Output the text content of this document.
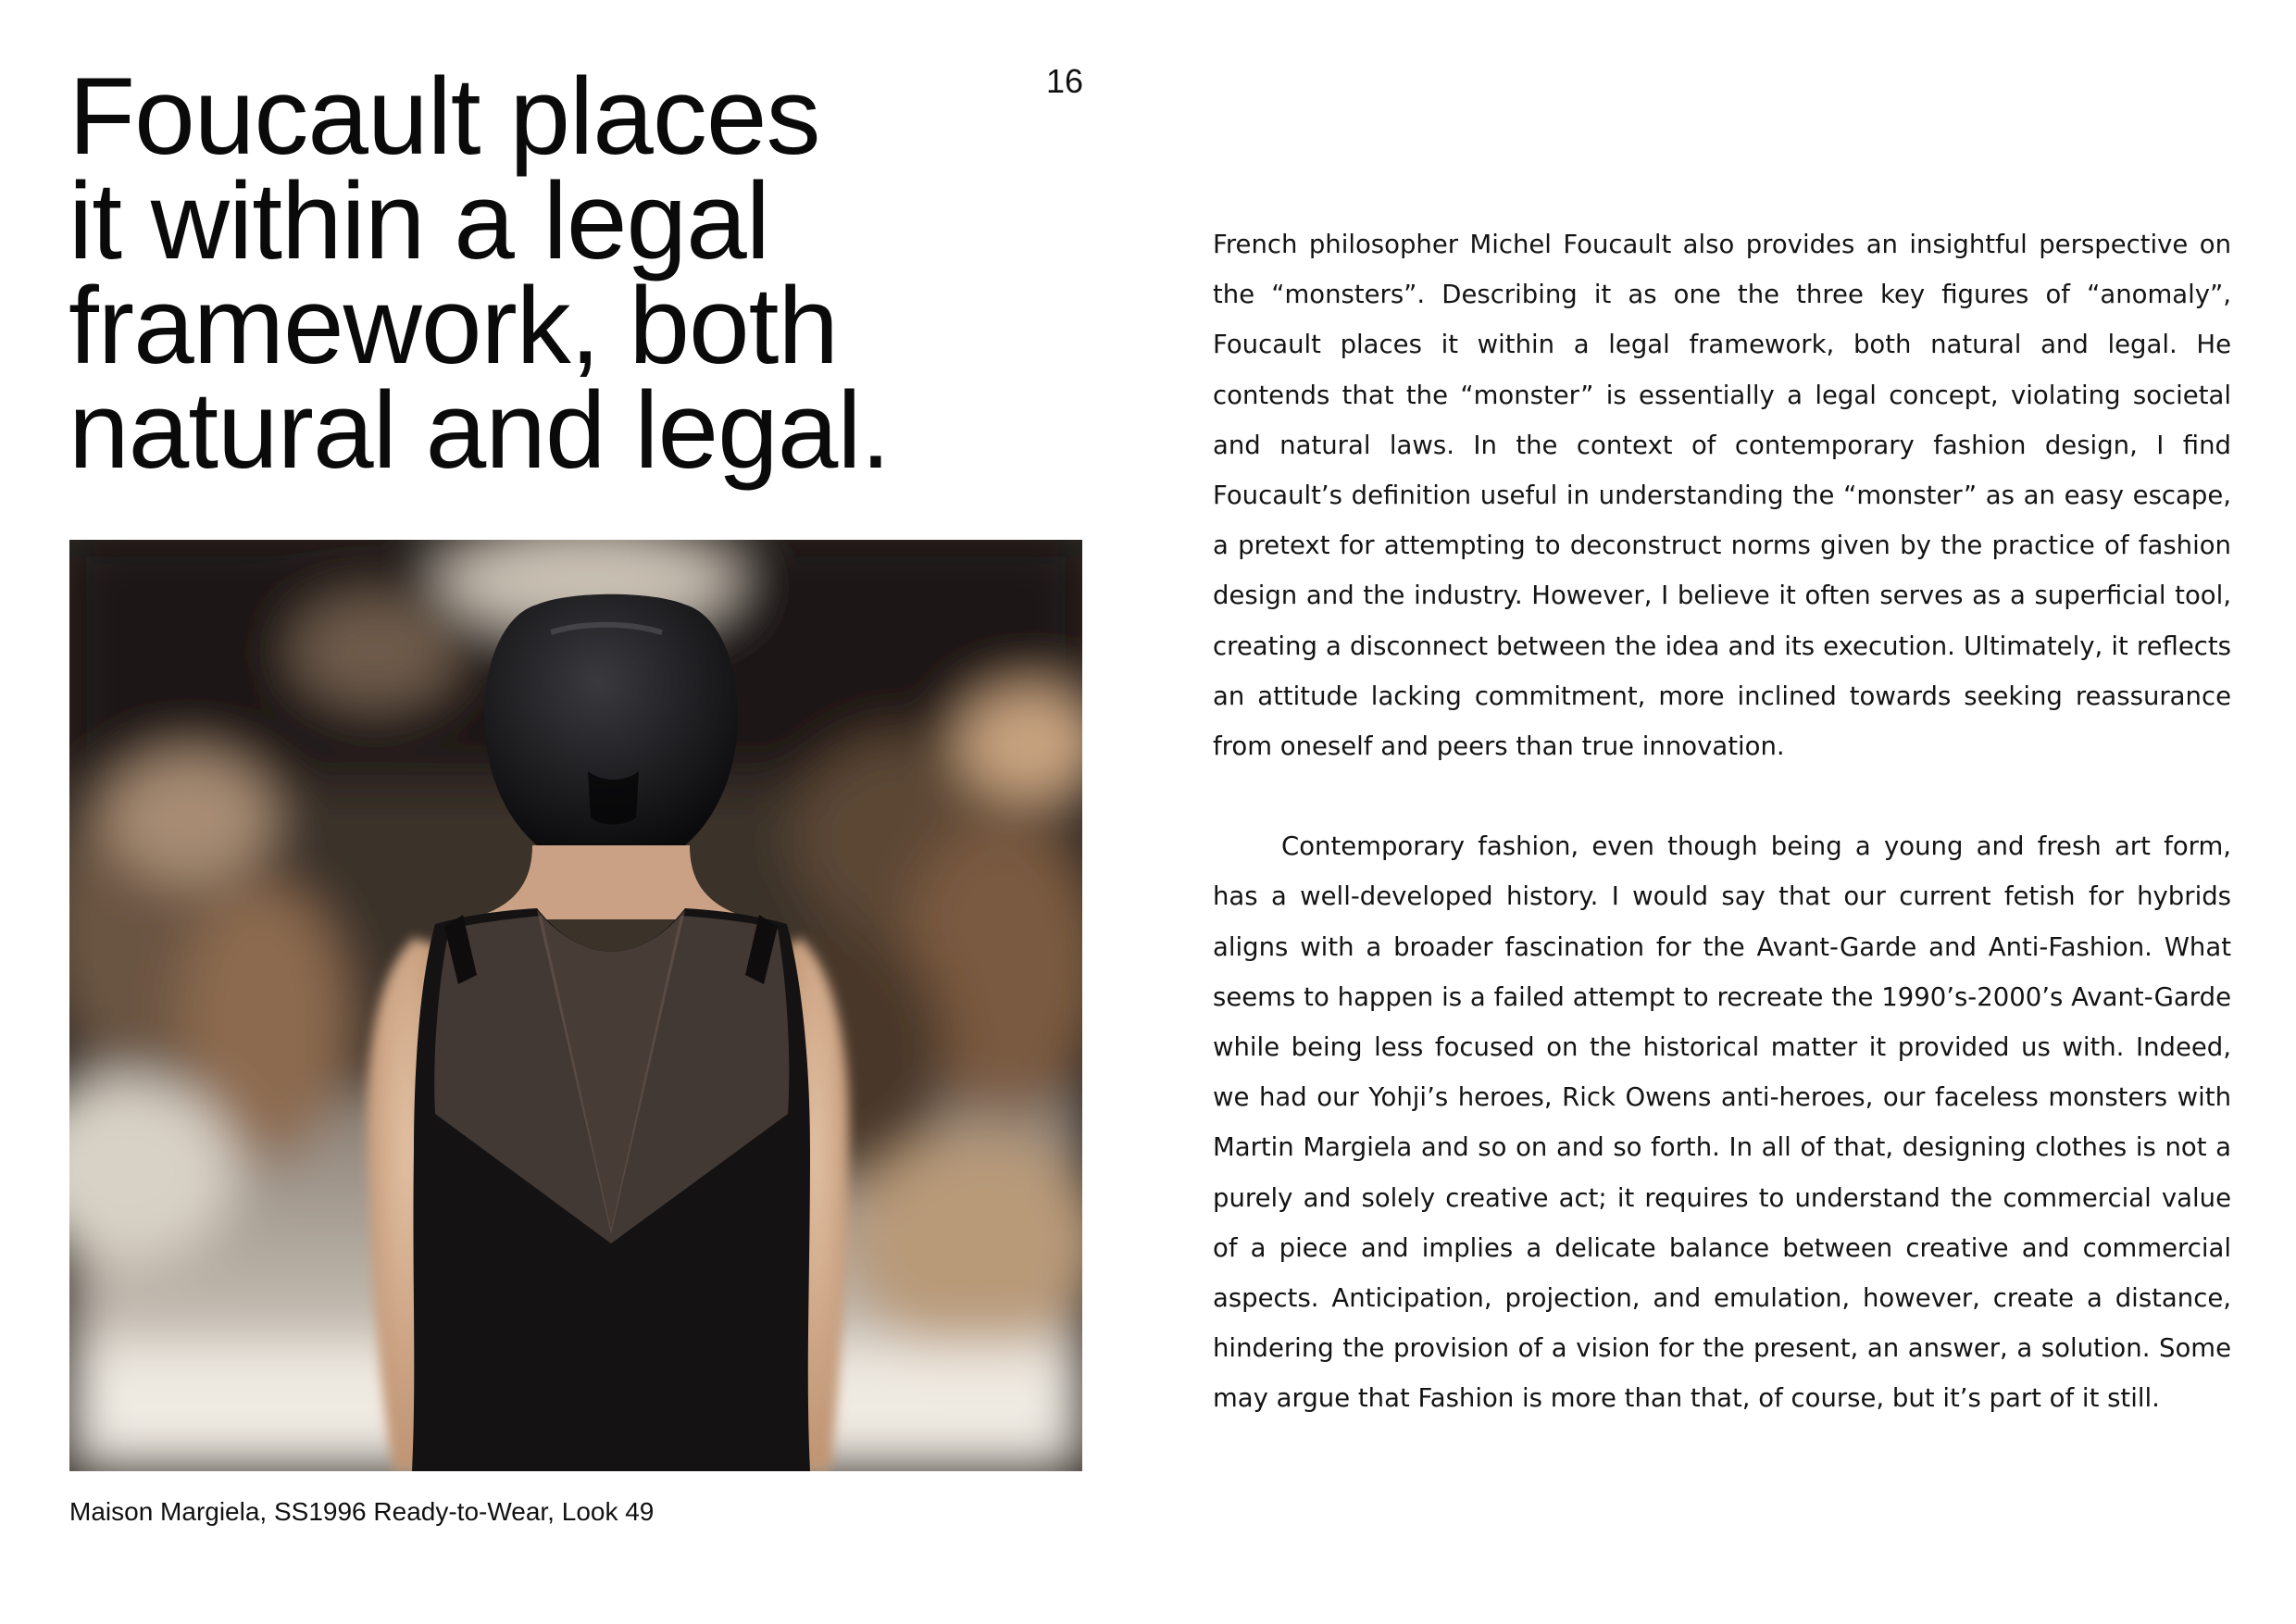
Foucault places
it within a legal
framework, both
natural and legal.
16
Maison Margiela, SS1996 Ready-to-Wear, Look 49

French philosopher Michel Foucault also provides an insightful perspective on the “monsters”. Describing it as one the three key figures of “anomaly”, Foucault places it within a legal framework, both natural and legal. He contends that the “monster” is essentially a legal concept, violating societal and natural laws. In the context of contemporary fashion design, I find Foucault’s definition useful in understanding the “monster” as an easy escape, a pretext for attempting to deconstruct norms given by the practice of fashion design and the industry. However, I believe it often serves as a superficial tool, creating a disconnect between the idea and its execution. Ultimately, it reflects an attitude lacking commitment, more inclined towards seeking reassurance from oneself and peers than true innovation.

Contemporary fashion, even though being a young and fresh art form, has a well-developed history. I would say that our current fetish for hybrids aligns with a broader fascination for the Avant-Garde and Anti-Fashion. What seems to happen is a failed attempt to recreate the 1990’s-2000’s Avant-Garde while being less focused on the historical matter it provided us with. Indeed, we had our Yohji’s heroes, Rick Owens anti-heroes, our faceless monsters with Martin Margiela and so on and so forth. In all of that, designing clothes is not a purely and solely creative act; it requires to understand the commercial value of a piece and implies a delicate balance between creative and commercial aspects. Anticipation, projection, and emulation, however, create a distance, hindering the provision of a vision for the present, an answer, a solution. Some may argue that Fashion is more than that, of course, but it’s part of it still.
